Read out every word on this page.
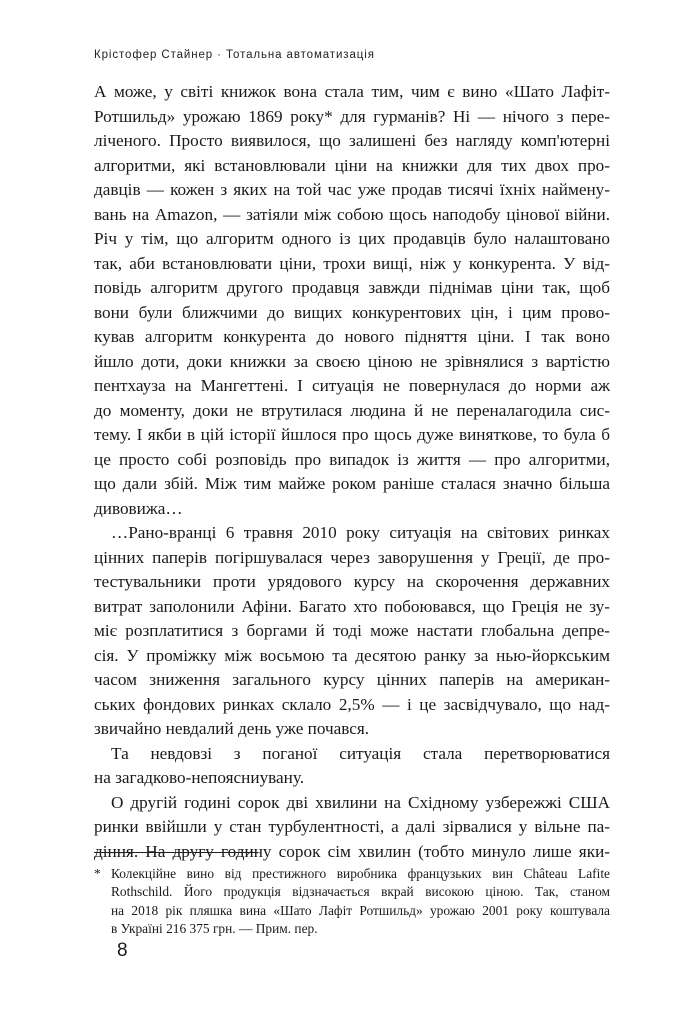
Крістофер Стайнер · Тотальна автоматизація
А може, у світі книжок вона стала тим, чим є вино «Шато Лафіт-
Ротшильд» урожаю 1869 року* для гурманів? Ні — нічого з пере-
ліченого. Просто виявилося, що залишені без нагляду комп'ютерні
алгоритми, які встановлювали ціни на книжки для тих двох про-
давців — кожен з яких на той час уже продав тисячі їхніх наймену-
вань на Amazon, — затіяли між собою щось наподобу цінової війни.
Річ у тім, що алгоритм одного із цих продавців було налаштовано
так, аби встановлювати ціни, трохи вищі, ніж у конкурента. У від-
повідь алгоритм другого продавця завжди піднімав ціни так, щоб
вони були ближчими до вищих конкурентових цін, і цим прово-
кував алгоритм конкурента до нового підняття ціни. І так воно
йшло доти, доки книжки за своєю ціною не зрівнялися з вартістю
пентхауза на Мангеттені. І ситуація не повернулася до норми аж
до моменту, доки не втрутилася людина й не переналагодила сис-
тему. І якби в цій історії йшлося про щось дуже виняткове, то була б
це просто собі розповідь про випадок із життя — про алгоритми,
що дали збій. Між тим майже роком раніше сталася значно більша
дивовижа…
…Рано-вранці 6 травня 2010 року ситуація на світових ринках
цінних паперів погіршувалася через заворушення у Греції, де про-
тестувальники проти урядового курсу на скорочення державних
витрат заполонили Афіни. Багато хто побоювався, що Греція не зу-
міє розплатитися з боргами й тоді може настати глобальна депре-
сія. У проміжку між восьмою та десятою ранку за нью-йоркським
часом зниження загального курсу цінних паперів на американ-
ських фондових ринках склало 2,5% — і це засвідчувало, що над-
звичайно невдалий день уже почався.
Та невдовзі з поганої ситуація стала перетворюватися
на загадково-непоясниувану.
О другій годині сорок дві хвилини на Східному узбережжі США
ринки ввійшли у стан турбулентності, а далі зірвалися у вільне па-
діння. На другу годину сорок сім хвилин (тобто минуло лише яки-
* Колекційне вино від престижного виробника французьких вин Château Lafite
Rothschild. Його продукція відзначається вкрай високою ціною. Так, станом
на 2018 рік пляшка вина «Шато Лафіт Ротшильд» урожаю 2001 року коштувала
в Україні 216 375 грн. — Прим. пер.
8
